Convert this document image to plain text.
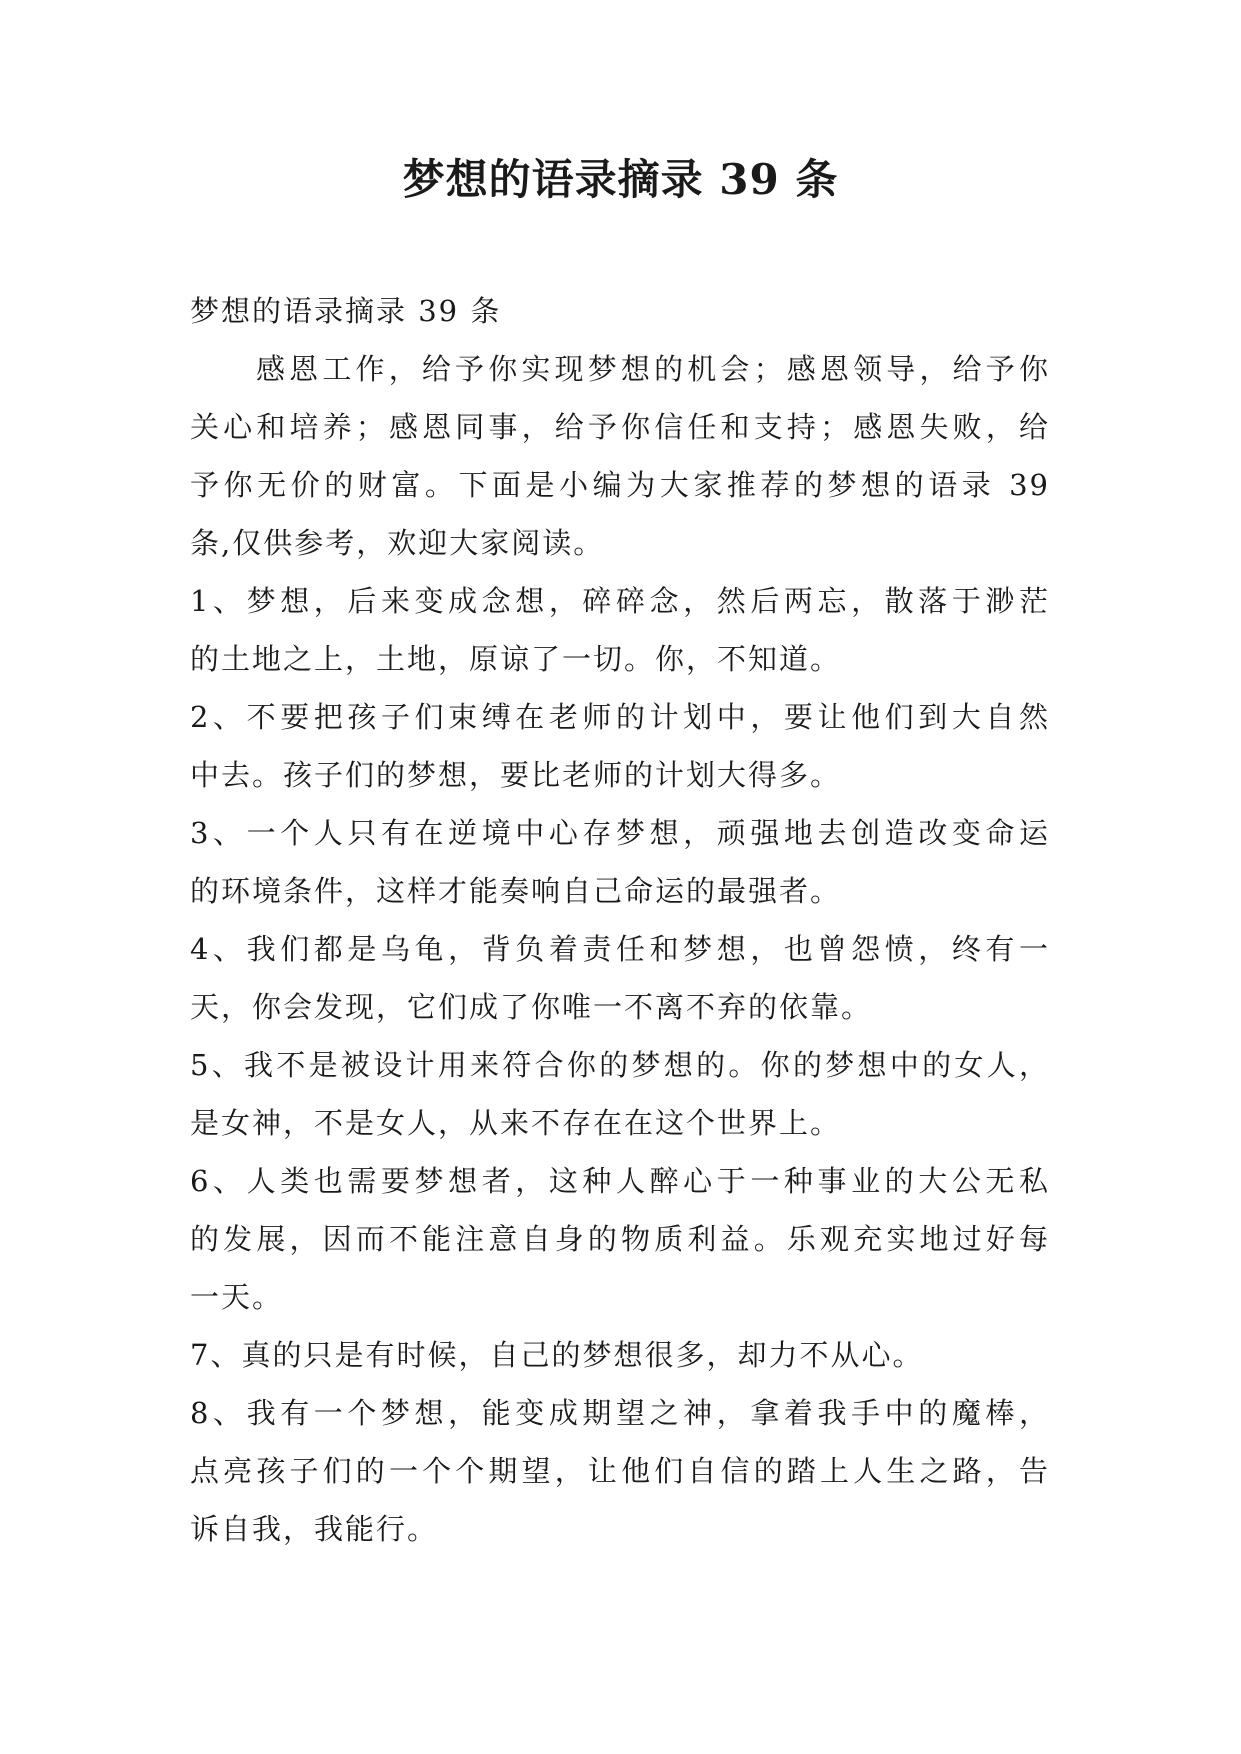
梦想的语录摘录 39 条
梦想的语录摘录 39 条
感恩工作，给予你实现梦想的机会；感恩领导，给予你
关心和培养；感恩同事，给予你信任和支持；感恩失败，给
予你无价的财富。下面是小编为大家推荐的梦想的语录 39
条,仅供参考，欢迎大家阅读。
1、梦想，后来变成念想，碎碎念，然后两忘，散落于渺茫
的土地之上，土地，原谅了一切。你，不知道。
2、不要把孩子们束缚在老师的计划中，要让他们到大自然
中去。孩子们的梦想，要比老师的计划大得多。
3、一个人只有在逆境中心存梦想，顽强地去创造改变命运
的环境条件，这样才能奏响自己命运的最强者。
4、我们都是乌龟，背负着责任和梦想，也曾怨愤，终有一
天，你会发现，它们成了你唯一不离不弃的依靠。
5、我不是被设计用来符合你的梦想的。你的梦想中的女人，
是女神，不是女人，从来不存在在这个世界上。
6、人类也需要梦想者，这种人醉心于一种事业的大公无私
的发展，因而不能注意自身的物质利益。乐观充实地过好每
一天。
7、真的只是有时候，自己的梦想很多，却力不从心。
8、我有一个梦想，能变成期望之神，拿着我手中的魔棒，
点亮孩子们的一个个期望，让他们自信的踏上人生之路，告
诉自我，我能行。
